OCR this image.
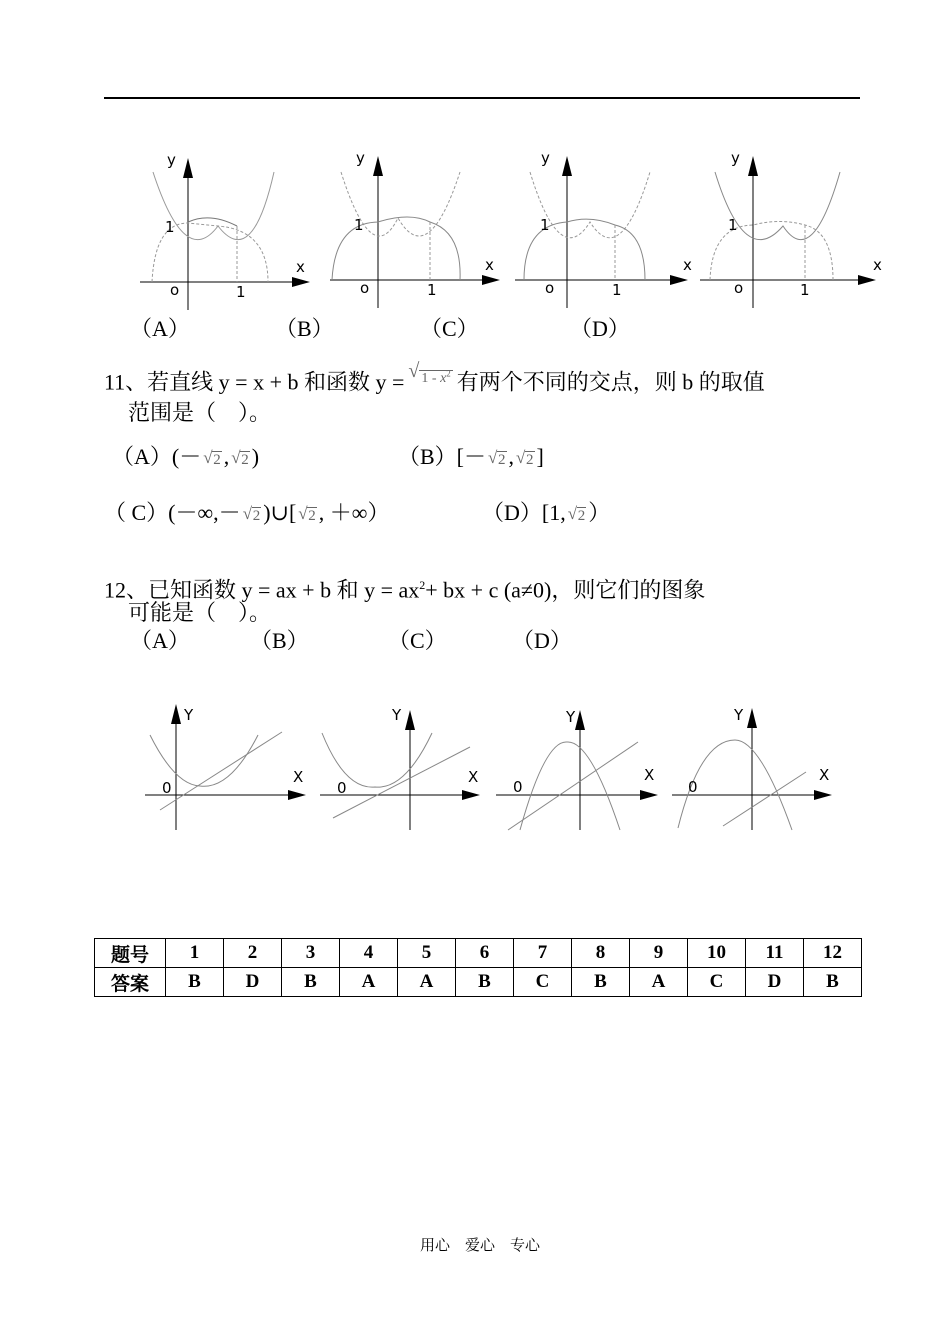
y
1
x
o	1
y
1
x
o	1
y
1
x
o	1
y
1
x
o	1
（A）	（B）	（C）	（D）
11、若直线 y = x + b 和函数 y = √ $1 - x^2$ 有两个不同的交点，则 b 的取值
范围是（　）。
（A）(－ √ 2 , √ 2 )	（B）[－ √ 2 , √ 2 ]
（ C）(－∞,－ √ 2 )∪[ √ 2 , ＋∞）	（D）[1, √ 2 ）
12、已知函数 y = ax + b 和 $y = ax^2+$ bx + c (a≠0)，则它们的图象
可能是（　）。
（A）	（B）	（C）	（D）
Y
X
0
Y
X
0
Y
X
0
Y
X
0
题号	1	2	3	4	5	6	7	8	9	10	11	12
答案	B	D	B	A	A	B	C	B	A	C	D	B
用心　爱心　专心
